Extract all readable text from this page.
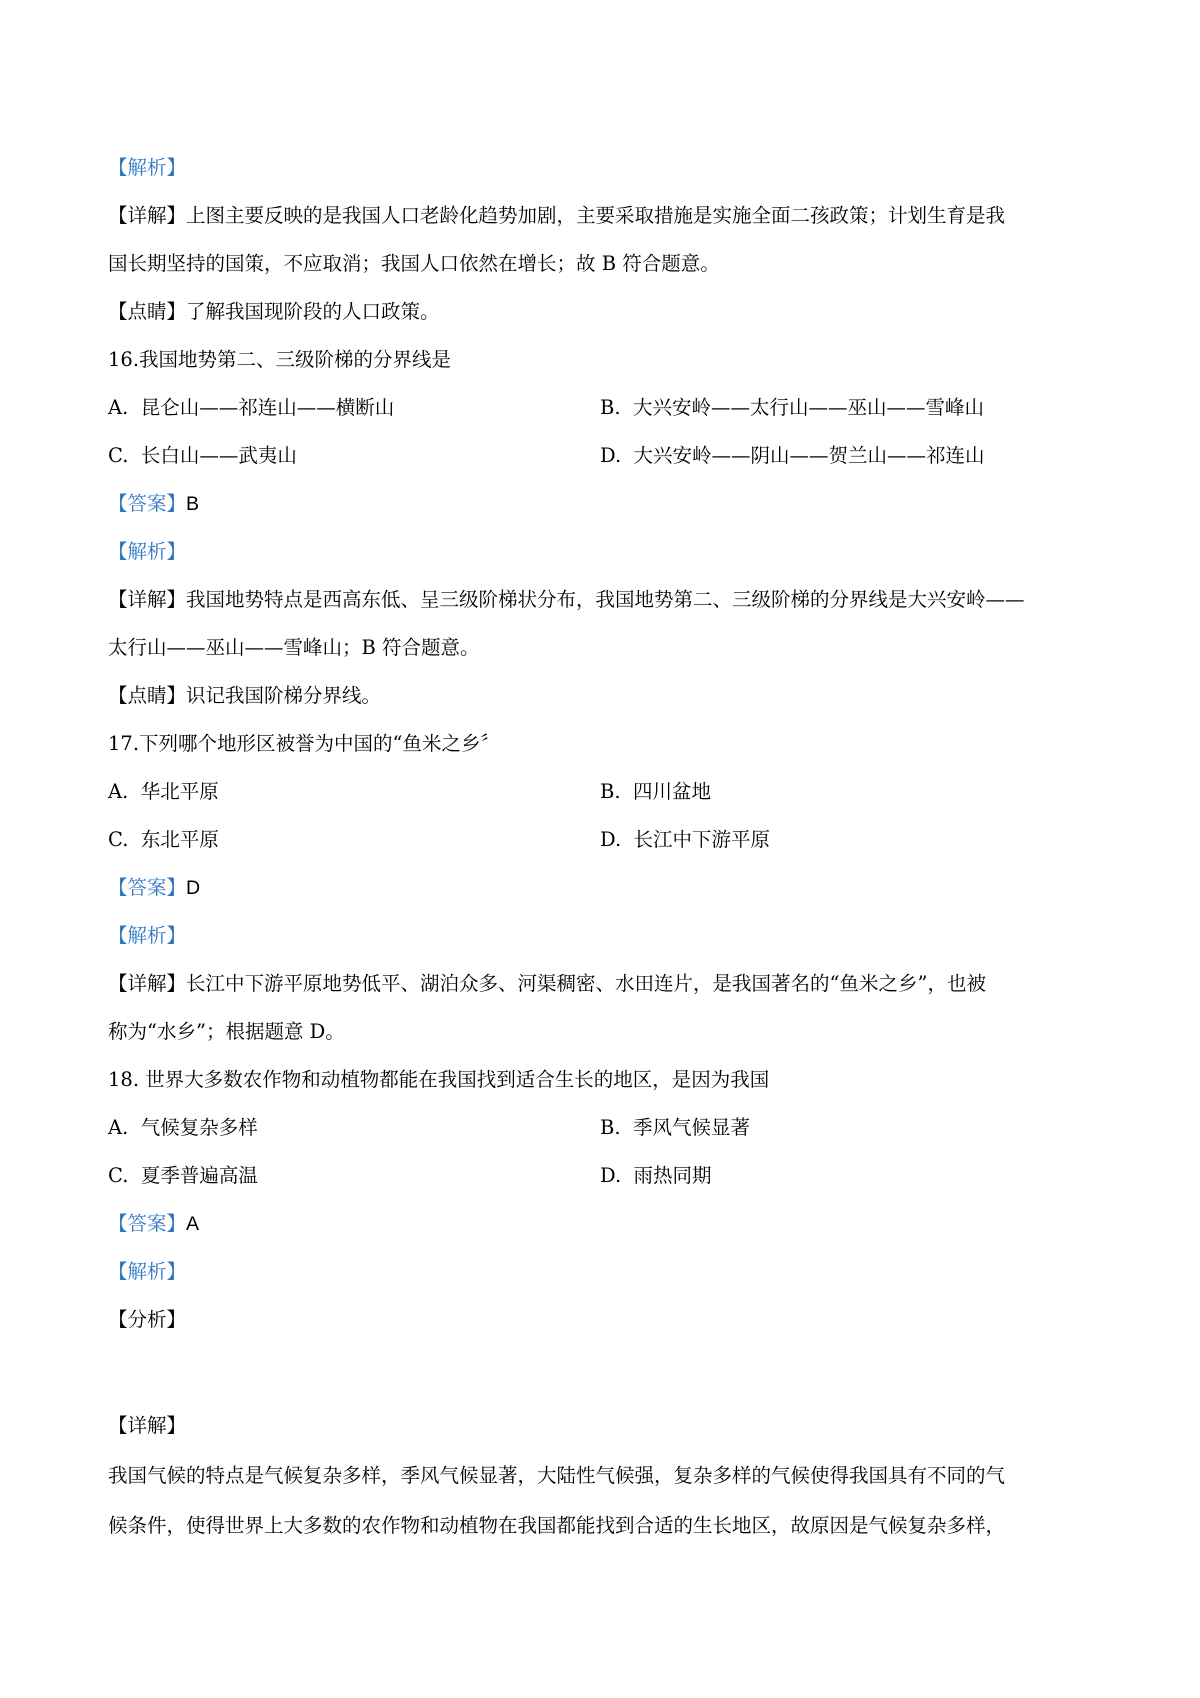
【解析】
【详解】上图主要反映的是我国人口老龄化趋势加剧，主要采取措施是实施全面二孩政策；计划生育是我
国长期坚持的国策，不应取消；我国人口依然在增长；故 B 符合题意。
【点睛】了解我国现阶段的人口政策。
16.我国地势第二、三级阶梯的分界线是
A. 昆仑山——祁连山——横断山	B. 大兴安岭——太行山——巫山——雪峰山
C. 长白山——武夷山	D. 大兴安岭——阴山——贺兰山——祁连山
【答案】B
【解析】
【详解】我国地势特点是西高东低、呈三级阶梯状分布，我国地势第二、三级阶梯的分界线是大兴安岭——
太行山——巫山——雪峰山；B 符合题意。
【点睛】识记我国阶梯分界线。
17.下列哪个地形区被誉为中国的“鱼米之乡〞
A. 华北平原	B. 四川盆地
C. 东北平原	D. 长江中下游平原
【答案】D
【解析】
【详解】长江中下游平原地势低平、湖泊众多、河渠稠密、水田连片，是我国著名的“鱼米之乡”，也被
称为“水乡”；根据题意 D。
18. 世界大多数农作物和动植物都能在我国找到适合生长的地区，是因为我国
A. 气候复杂多样	B. 季风气候显著
C. 夏季普遍高温	D. 雨热同期
【答案】A
【解析】
【分析】
【详解】
我国气候的特点是气候复杂多样，季风气候显著，大陆性气候强，复杂多样的气候使得我国具有不同的气
候条件，使得世界上大多数的农作物和动植物在我国都能找到合适的生长地区，故原因是气候复杂多样，
